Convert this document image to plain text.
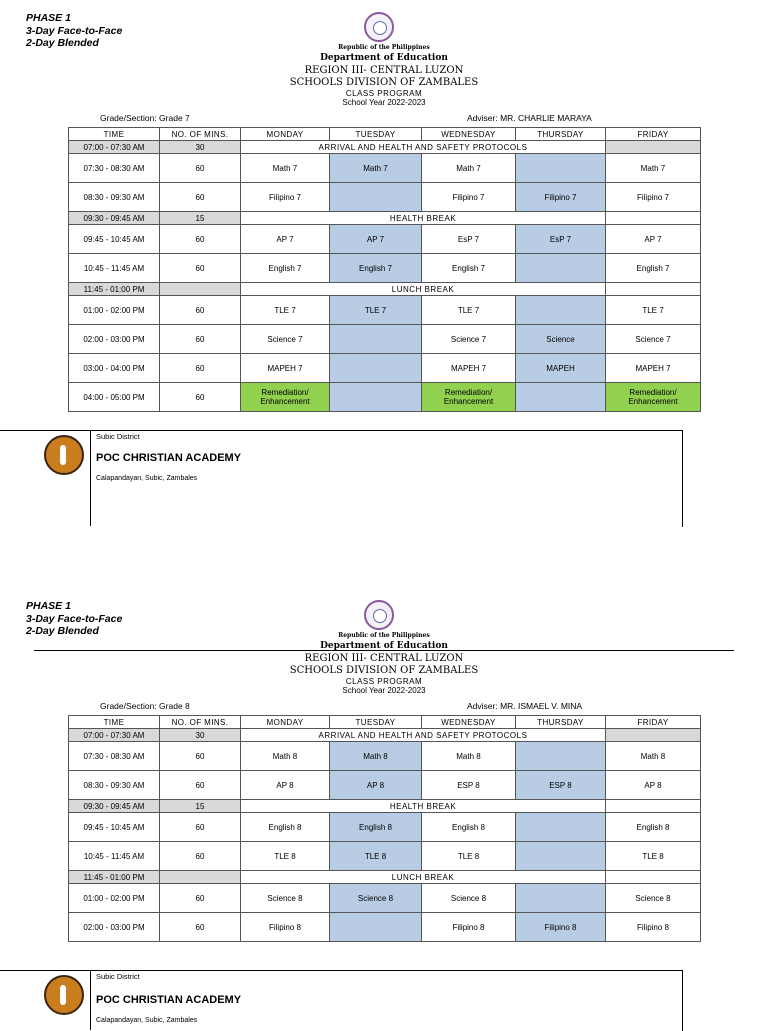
PHASE 1
3-Day Face-to-Face
2-Day Blended	Republic of the Philippines
Department of Education
REGION III- CENTRAL LUZON
SCHOOLS DIVISION OF ZAMBALES
CLASS PROGRAM
School Year 2022-2023
Grade/Section: Grade 7	Adviser: MR. CHARLIE MARAYA
TIME	NO. OF MINS.	MONDAY	TUESDAY	WEDNESDAY	THURSDAY	FRIDAY
07:00 - 07:30 AM	30	ARRIVAL AND HEALTH AND SAFETY PROTOCOLS				
07:30 - 08:30 AM	60	Math 7	Math 7	Math 7		Math 7
08:30 - 09:30 AM	60	Filipino 7		Filipino 7	Filipino 7	Filipino 7
09:30 - 09:45 AM	15	HEALTH BREAK				
09:45 - 10:45 AM	60	AP 7	AP 7	EsP 7	EsP 7	AP 7
10:45 - 11:45 AM	60	English 7	English 7	English 7		English 7
11:45 - 01:00 PM		LUNCH BREAK				
01:00 - 02:00 PM	60	TLE 7	TLE 7	TLE 7		TLE 7
02:00 - 03:00 PM	60	Science 7		Science 7	Science	Science 7
03:00 - 04:00 PM	60	MAPEH 7		MAPEH 7	MAPEH	MAPEH 7
04:00 - 05:00 PM	60	Remediation/ Enhancement		Remediation/ Enhancement		Remediation/ Enhancement
Subic District
POC CHRISTIAN ACADEMY
Calapandayan, Subic, Zambales
PHASE 1
3-Day Face-to-Face
2-Day Blended	Republic of the Philippines
Department of Education
REGION III- CENTRAL LUZON
SCHOOLS DIVISION OF ZAMBALES
CLASS PROGRAM
School Year 2022-2023
Grade/Section: Grade 8	Adviser: MR. ISMAEL V. MINA
TIME	NO. OF MINS.	MONDAY	TUESDAY	WEDNESDAY	THURSDAY	FRIDAY
07:00 - 07:30 AM	30	ARRIVAL AND HEALTH AND SAFETY PROTOCOLS				
07:30 - 08:30 AM	60	Math 8	Math 8	Math 8		Math 8
08:30 - 09:30 AM	60	AP 8	AP 8	ESP 8	ESP 8	AP 8
09:30 - 09:45 AM	15	HEALTH BREAK				
09:45 - 10:45 AM	60	English 8	English 8	English 8		English 8
10:45 - 11:45 AM	60	TLE 8	TLE 8	TLE 8		TLE 8
11:45 - 01:00 PM		LUNCH BREAK				
01:00 - 02:00 PM	60	Science 8	Science 8	Science 8		Science 8
02:00 - 03:00 PM	60	Filipino 8		Filipino 8	Filipino 8	Filipino 8
Subic District
POC CHRISTIAN ACADEMY
Calapandayan, Subic, Zambales
